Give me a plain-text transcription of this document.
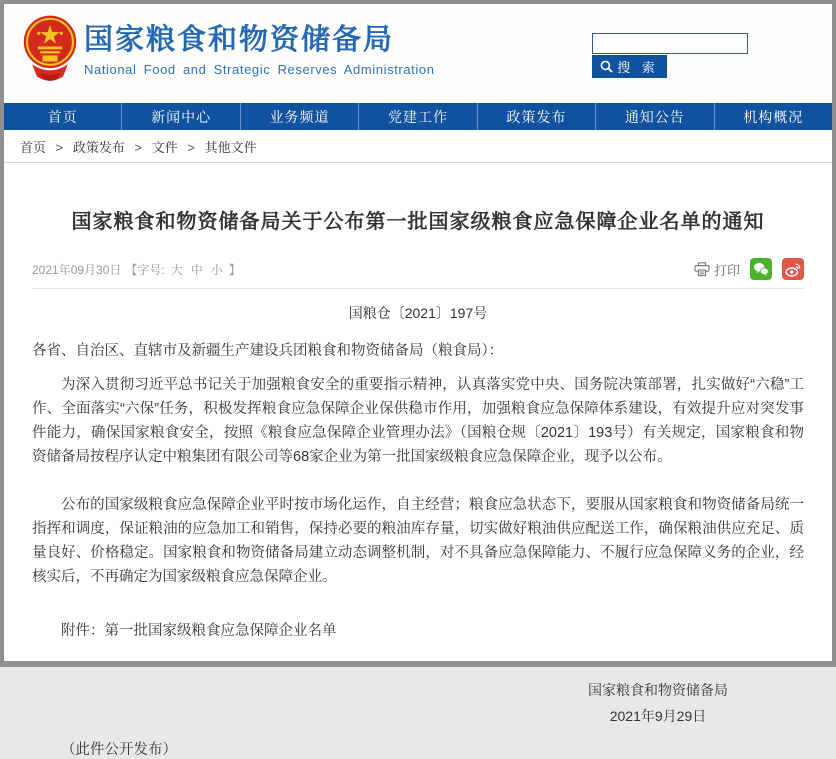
国家粮食和物资储备局
National Food and Strategic Reserves Administration	搜 索
首页	新闻中心	业务频道	党建工作	政策发布	通知公告	机构概况
首页 > 政策发布 > 文件 > 其他文件
国家粮食和物资储备局关于公布第一批国家级粮食应急保障企业名单的通知
2021年09月30日 【字号: 大 中 小 】	打印
国粮仓〔2021〕197号
各省、自治区、直辖市及新疆生产建设兵团粮食和物资储备局（粮食局）：

为深入贯彻习近平总书记关于加强粮食安全的重要指示精神，认真落实党中央、国务院决策部署，扎实做好“六稳”工作、全面落实“六保”任务，积极发挥粮食应急保障企业保供稳市作用，加强粮食应急保障体系建设，有效提升应对突发事件能力，确保国家粮食安全，按照《粮食应急保障企业管理办法》（国粮仓规〔2021〕193号）有关规定，国家粮食和物资储备局按程序认定中粮集团有限公司等68家企业为第一批国家级粮食应急保障企业，现予以公布。

公布的国家级粮食应急保障企业平时按市场化运作，自主经营；粮食应急状态下，要服从国家粮食和物资储备局统一指挥和调度，保证粮油的应急加工和销售，保持必要的粮油库存量，切实做好粮油供应配送工作，确保粮油供应充足、质量良好、价格稳定。国家粮食和物资储备局建立动态调整机制，对不具备应急保障能力、不履行应急保障义务的企业，经核实后，不再确定为国家级粮食应急保障企业。

附件：第一批国家级粮食应急保障企业名单
国家粮食和物资储备局
2021年9月29日
（此件公开发布）
